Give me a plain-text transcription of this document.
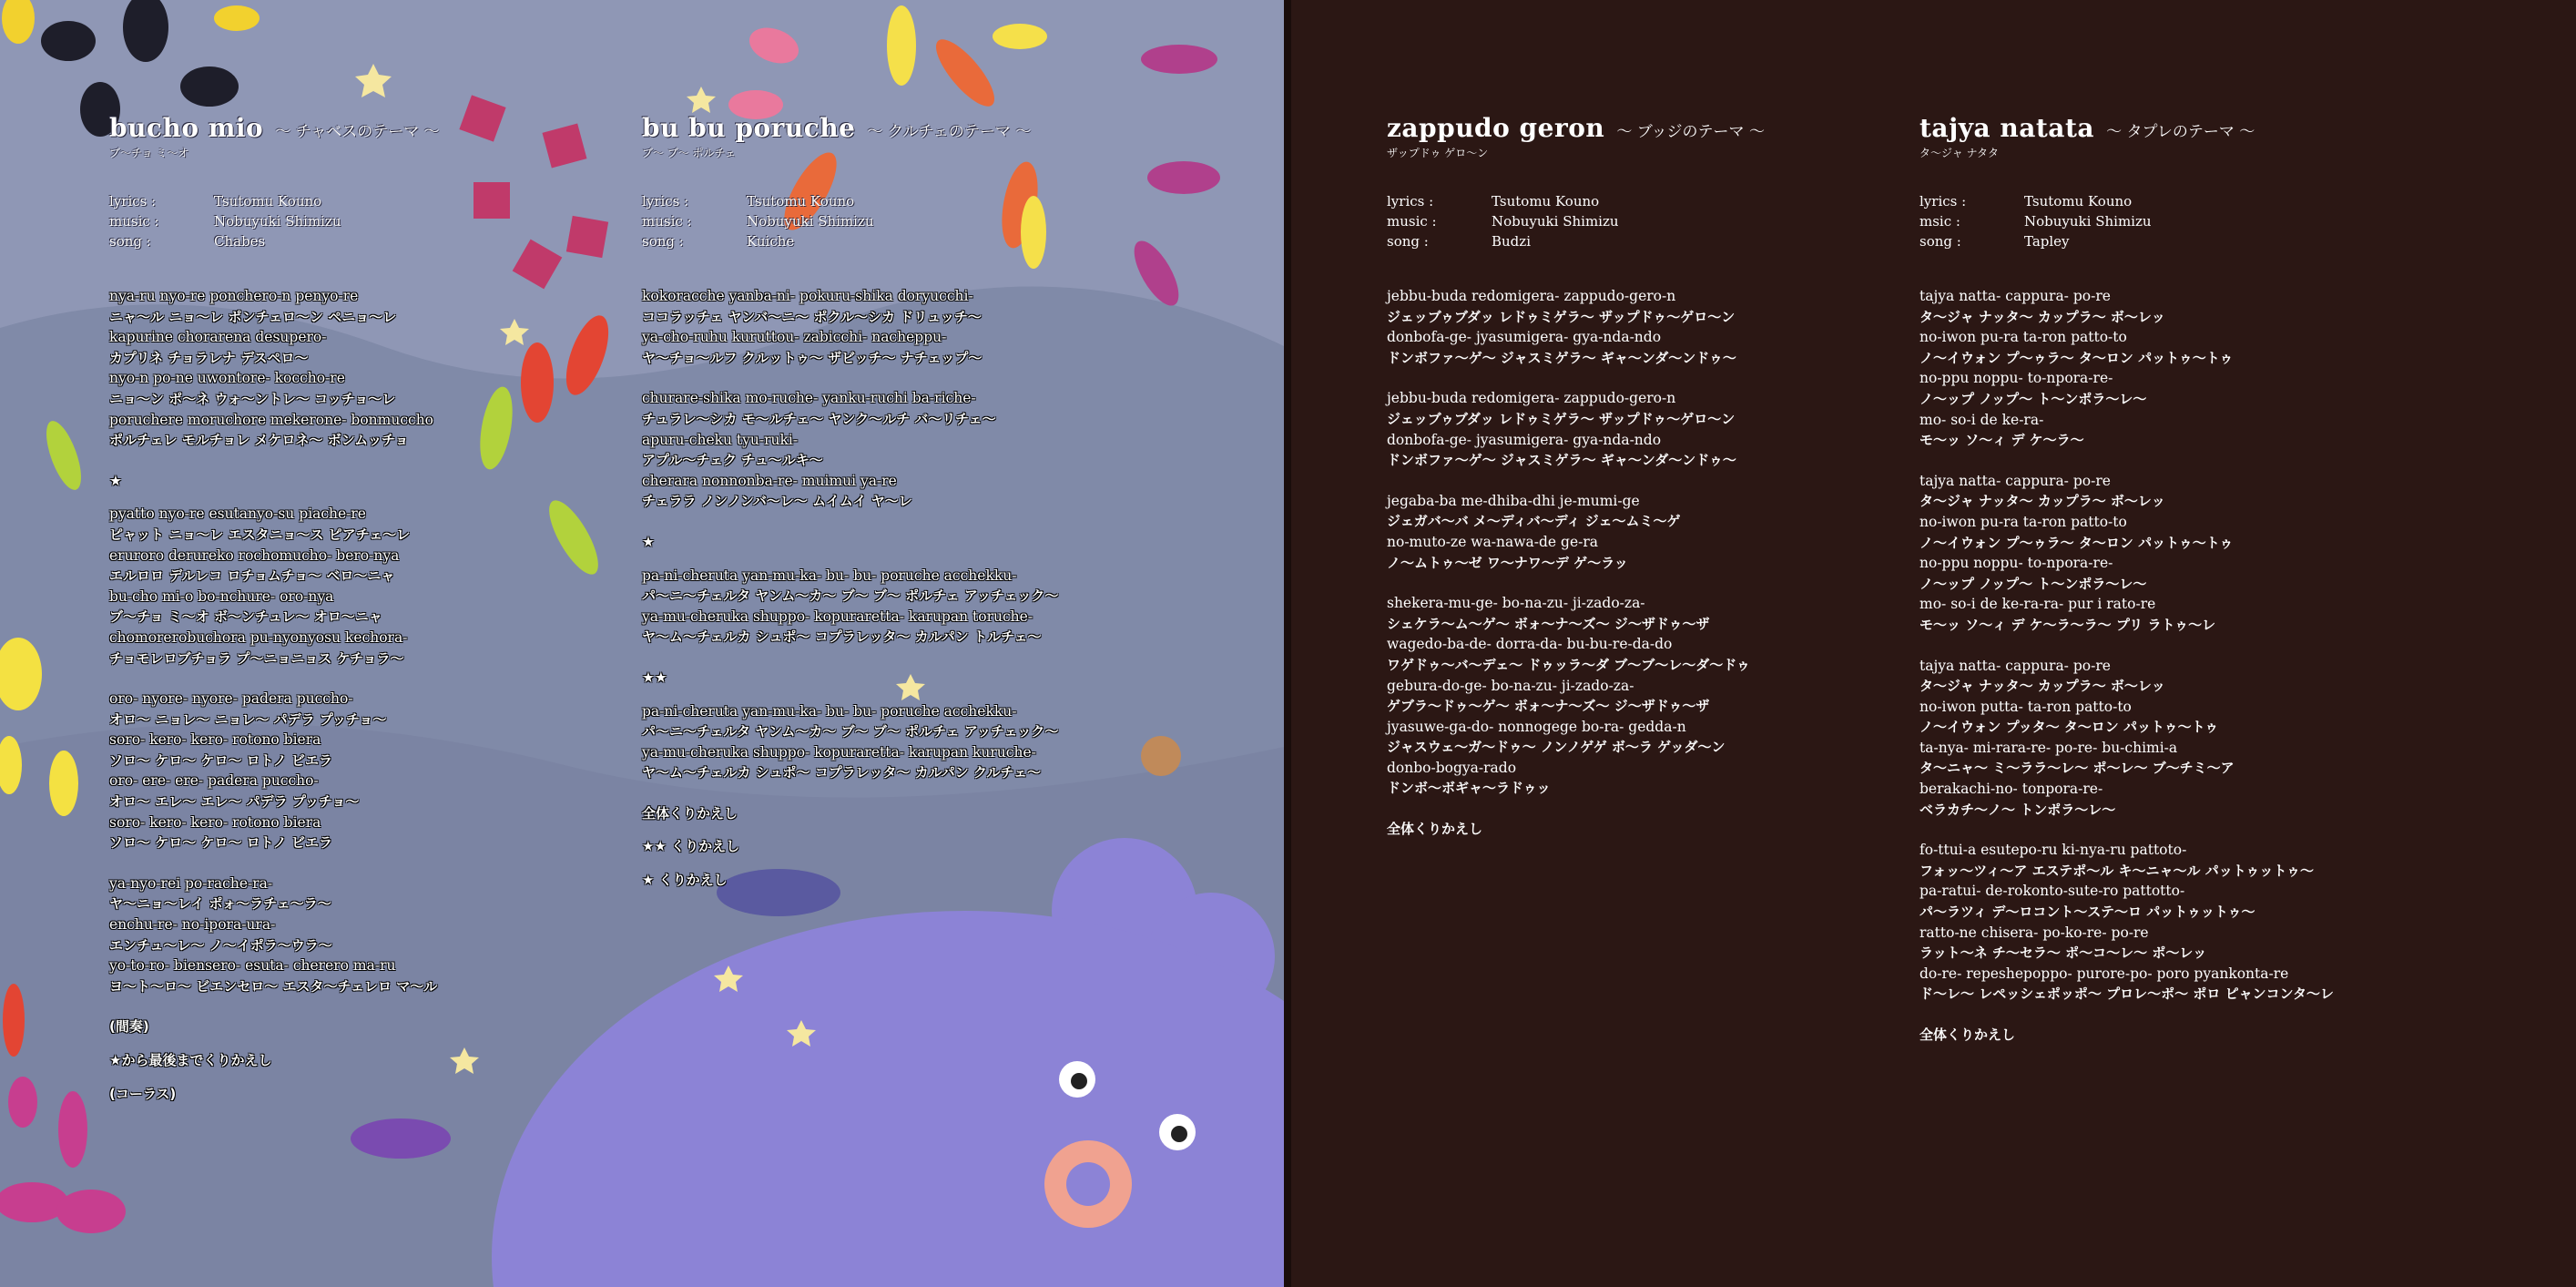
bucho mio ～ チャベスのテーマ ～
ブ～チョ ミ～オ
lyrics :	Tsutomu Kouno
music :	Nobuyuki Shimizu
song :	Chabes
nya-ru nyo-re ponchero-n penyo-re
ニャ～ル ニョ～レ ポンチェロ～ン ペニョ～レ
kapurine chorarena desupero-
カプリネ チョラレナ デスペロ～
nyo-n po-ne uwontore- koccho-re
ニョ～ン ポ～ネ ウォ～ントレ～ コッチョ～レ
poruchere moruchore mekerone- bonmuccho
ポルチェレ モルチョレ メケロネ～ ボンムッチョ
★
pyatto nyo-re esutanyo-su piache-re
ピャット ニョ～レ エスタニョ～ス ピアチェ～レ
eruroro derureko rochomucho- bero-nya
エルロロ デルレコ ロチョムチョ～ ベロ～ニャ
bu-cho mi-o bo-nchure- oro-nya
ブ～チョ ミ～オ ボ～ンチュレ～ オロ～ニャ
chomorerobuchora pu-nyonyosu kechora-
チョモレロブチョラ プ～ニョニョス ケチョラ～
oro- nyore- nyore- padera puccho-
オロ～ ニョレ～ ニョレ～ パデラ プッチョ～
soro- kero- kero- rotono biera
ソロ～ ケロ～ ケロ～ ロトノ ビエラ
oro- ere- ere- padera puccho-
オロ～ エレ～ エレ～ パデラ プッチョ～
soro- kero- kero- rotono biera
ソロ～ ケロ～ ケロ～ ロトノ ビエラ
ya-nyo-rei po-rache-ra-
ヤ～ニョ～レイ ポォ～ラチェ～ラ～
enchu-re- no-ipora-ura-
エンチュ～レ～ ノ～イポラ～ウラ～
yo-to-ro- biensero- esuta- cherero ma-ru
ヨ～ト～ロ～ ビエンセロ～ エスタ～チェレロ マ～ル
(間奏)
★から最後までくりかえし
(コーラス)
bu bu poruche ～ クルチェのテーマ ～
ブ～ ブ～ ポルチェ
lyrics :	Tsutomu Kouno
music :	Nobuyuki Shimizu
song :	Kuiche
kokoracche yanba-ni- pokuru-shika doryucchi-
ココラッチェ ヤンバ～ニ～ ポクル～シカ ドリュッチ～
ya-cho-ruhu kuruttou- zabicchi- nacheppu-
ヤ～チョ～ルフ クルットゥ～ ザビッチ～ ナチェップ～
churare-shika mo-ruche- yanku-ruchi ba-riche-
チュラレ～シカ モ～ルチェ～ ヤンク～ルチ バ～リチェ～
apuru-cheku tyu-ruki-
アプル～チェク チュ～ルキ～
cherara nonnonba-re- muimui ya-re
チェララ ノンノンバ～レ～ ムイムイ ヤ～レ
★
pa-ni-cheruta yan-mu-ka- bu- bu- poruche acchekku-
パ～ニ～チェルタ ヤンム～カ～ ブ～ ブ～ ポルチェ アッチェック～
ya-mu-cheruka shuppo- kopuraretta- karupan toruche-
ヤ～ム～チェルカ シュポ～ コプラレッタ～ カルパン トルチェ～
★★
pa-ni-cheruta yan-mu-ka- bu- bu- poruche acchekku-
パ～ニ～チェルタ ヤンム～カ～ ブ～ ブ～ ポルチェ アッチェック～
ya-mu-cheruka shuppo- kopuraretta- karupan kuruche-
ヤ～ム～チェルカ シュポ～ コプラレッタ～ カルパン クルチェ～
全体くりかえし
★★ くりかえし
★ くりかえし
zappudo geron ～ ブッジのテーマ ～
ザップドゥ ゲロ～ン
lyrics :	Tsutomu Kouno
music :	Nobuyuki Shimizu
song :	Budzi
jebbu-buda redomigera- zappudo-gero-n
ジェッブゥブダッ レドゥミゲラ～ ザップドゥ～ゲロ～ン
donbofa-ge- jyasumigera- gya-nda-ndo
ドンボファ～ゲ～ ジャスミゲラ～ ギャ～ンダ～ンドゥ～
jebbu-buda redomigera- zappudo-gero-n
ジェッブゥブダッ レドゥミゲラ～ ザップドゥ～ゲロ～ン
donbofa-ge- jyasumigera- gya-nda-ndo
ドンボファ～ゲ～ ジャスミゲラ～ ギャ～ンダ～ンドゥ～
jegaba-ba me-dhiba-dhi je-mumi-ge
ジェガバ～バ メ～ディバ～ディ ジェ～ムミ～ゲ
no-muto-ze wa-nawa-de ge-ra
ノ～ムトゥ～ゼ ワ～ナワ～デ ゲ～ラッ
shekera-mu-ge- bo-na-zu- ji-zado-za-
シェケラ～ム～ゲ～ ボォ～ナ～ズ～ ジ～ザドゥ～ザ
wagedo-ba-de- dorra-da- bu-bu-re-da-do
ワゲドゥ～バ～デェ～ ドゥッラ～ダ ブ～ブ～レ～ダ～ドゥ
gebura-do-ge- bo-na-zu- ji-zado-za-
ゲブラ～ドゥ～ゲ～ ボォ～ナ～ズ～ ジ～ザドゥ～ザ
jyasuwe-ga-do- nonnogege bo-ra- gedda-n
ジャスウェ～ガ～ドゥ～ ノンノゲゲ ボ～ラ ゲッダ～ン
donbo-bogya-rado
ドンボ～ボギャ～ラドゥッ
全体くりかえし
tajya natata ～ タプレのテーマ ～
タ～ジャ ナタタ
lyrics :	Tsutomu Kouno
msic :	Nobuyuki Shimizu
song :	Tapley
tajya natta- cappura- po-re
タ～ジャ ナッタ～ カップラ～ ボ～レッ
no-iwon pu-ra ta-ron patto-to
ノ～イウォン プ～ゥラ～ タ～ロン パットゥ～トゥ
no-ppu noppu- to-npora-re-
ノ～ップ ノップ～ ト～ンポラ～レ～
mo- so-i de ke-ra-
モ～ッ ソ～ィ デ ケ～ラ～
tajya natta- cappura- po-re
タ～ジャ ナッタ～ カップラ～ ボ～レッ
no-iwon pu-ra ta-ron patto-to
ノ～イウォン プ～ゥラ～ タ～ロン パットゥ～トゥ
no-ppu noppu- to-npora-re-
ノ～ップ ノップ～ ト～ンポラ～レ～
mo- so-i de ke-ra-ra- pur i rato-re
モ～ッ ソ～ィ デ ケ～ラ～ラ～ プリ ラトゥ～レ
tajya natta- cappura- po-re
タ～ジャ ナッタ～ カップラ～ ボ～レッ
no-iwon putta- ta-ron patto-to
ノ～イウォン プッタ～ タ～ロン パットゥ～トゥ
ta-nya- mi-rara-re- po-re- bu-chimi-a
タ～ニャ～ ミ～ララ～レ～ ポ～レ～ ブ～チミ～ア
berakachi-no- tonpora-re-
ベラカチ～ノ～ トンポラ～レ～
fo-ttui-a esutepo-ru ki-nya-ru pattoto-
フォッ～ツィ～ア エステポ～ル キ～ニャ～ル パットゥットゥ～
pa-ratui- de-rokonto-sute-ro pattotto-
パ～ラツィ デ～ロコント～ステ～ロ パットゥットゥ～
ratto-ne chisera- po-ko-re- po-re
ラット～ネ チ～セラ～ ポ～コ～レ～ ポ～レッ
do-re- repeshepoppo- purore-po- poro pyankonta-re
ド～レ～ レペッシェポッポ～ プロレ～ポ～ ポロ ピャンコンタ～レ
全体くりかえし
